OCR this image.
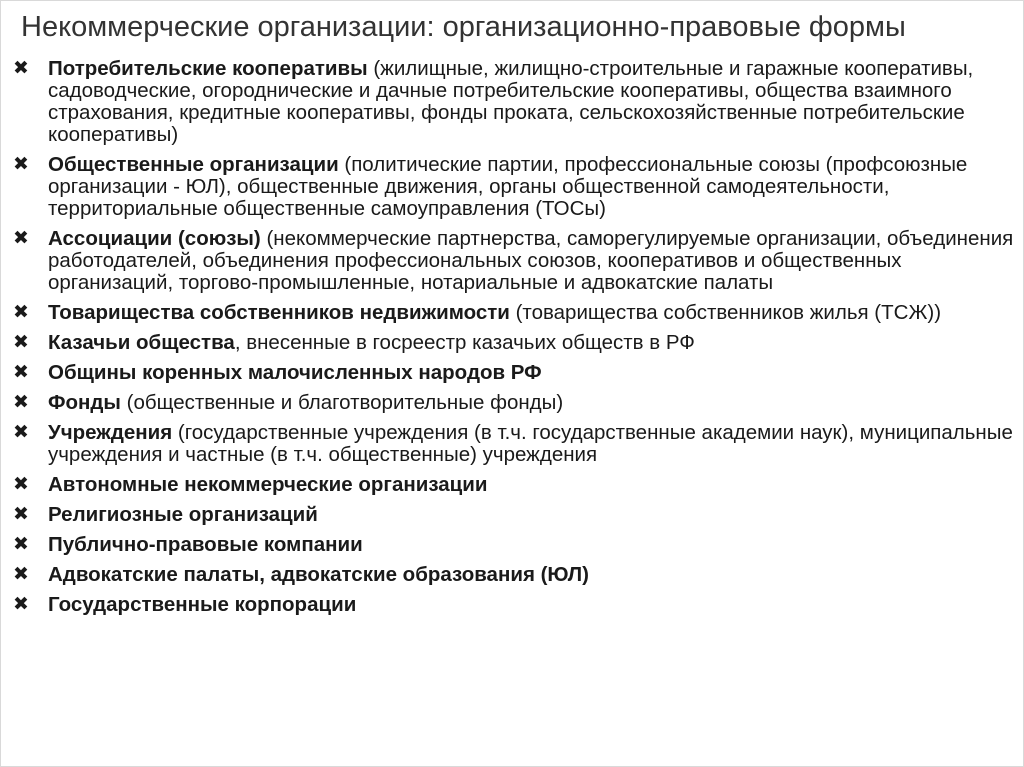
Некоммерческие организации: организационно-правовые формы
✖ Потребительские кооперативы (жилищные, жилищно-строительные и гаражные кооперативы, садоводческие, огороднические и дачные потребительские кооперативы, общества взаимного страхования, кредитные кооперативы, фонды проката, сельскохозяйственные потребительские кооперативы)
✖ Общественные организации (политические партии, профессиональные союзы (профсоюзные организации - ЮЛ), общественные движения, органы общественной самодеятельности, территориальные общественные самоуправления (ТОСы)
✖ Ассоциации (союзы) (некоммерческие партнерства, саморегулируемые организации, объединения работодателей, объединения профессиональных союзов, кооперативов и общественных организаций, торгово-промышленные, нотариальные и адвокатские палаты
✖ Товарищества собственников недвижимости (товарищества собственников жилья (ТСЖ))
✖ Казачьи общества, внесенные в госреестр казачьих обществ в РФ
✖ Общины коренных малочисленных народов РФ
✖ Фонды (общественные и благотворительные фонды)
✖ Учреждения (государственные учреждения (в т.ч. государственные академии наук), муниципальные учреждения и частные (в т.ч. общественные) учреждения
✖ Автономные некоммерческие организации
✖ Религиозные организаций
✖ Публично-правовые компании
✖ Адвокатские палаты, адвокатские образования (ЮЛ)
✖ Государственные корпорации
